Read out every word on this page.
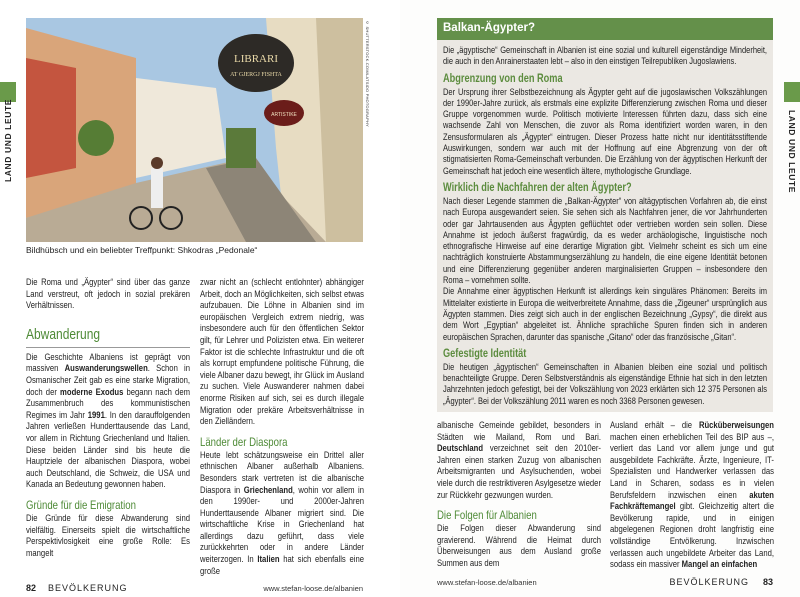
LAND UND LEUTE
LIBRARI
AT GJERGJ FISHTA
ARTISTIKE	© SHUTTERSTOCK.COM/LATSIDO PHOTOGRAPHY
Bildhübsch und ein beliebter Treffpunkt: Shkodras „Pedonale“

Die Roma und „Ägypter“ sind über das ganze Land verstreut, oft jedoch in sozial prekären Verhältnissen.

Abwanderung

Die Geschichte Albaniens ist geprägt von massiven Auswanderungswellen. Schon in Osmanischer Zeit gab es eine starke Migration, doch der moderne Exodus begann nach dem Zusammenbruch des kommunistischen Regimes im Jahr 1991. In den darauffolgenden Jahren verließen Hunderttausende das Land, vor allem in Richtung Griechenland und Italien. Diese beiden Länder sind bis heute die Hauptziele der albanischen Diaspora, wobei auch Deutschland, die Schweiz, die USA und Kanada an Bedeutung gewonnen haben.

Gründe für die Emigration

Die Gründe für diese Abwanderung sind vielfältig. Einerseits spielt die wirtschaftliche Perspektivlosigkeit eine große Rolle: Es mangelt

zwar nicht an (schlecht entlohnter) abhängiger Arbeit, doch an Möglichkeiten, sich selbst etwas aufzubauen. Die Löhne in Albanien sind im europäischen Vergleich extrem niedrig, was insbesondere auch für den öffentlichen Sektor gilt, für Lehrer und Polizisten etwa. Ein weiterer Faktor ist die schlechte Infrastruktur und die oft als korrupt empfundene politische Führung, die viele Albaner dazu bewegt, ihr Glück im Ausland zu suchen. Viele Auswanderer nahmen dabei enorme Risiken auf sich, sei es durch illegale Migration oder prekäre Arbeitsverhältnisse in den Zielländern.

Länder der Diaspora

Heute lebt schätzungsweise ein Drittel aller ethnischen Albaner außerhalb Albaniens. Besonders stark vertreten ist die albanische Diaspora in Griechenland, wohin vor allem in den 1990er- und 2000er-Jahren Hunderttausende Albaner migriert sind. Die wirtschaftliche Krise in Griechenland hat allerdings dazu geführt, dass viele zurückkehrten oder in andere Länder weiterzogen. In Italien hat sich ebenfalls eine große

82 BEVÖLKERUNG	www.stefan-loose.de/albanien
LAND UND LEUTE
Balkan-Ägypter?

Die „ägyptische“ Gemeinschaft in Albanien ist eine sozial und kulturell eigenständige Minderheit, die auch in den Anrainerstaaten lebt – also in den einstigen Teilrepubliken Jugoslawiens.

Abgrenzung von den Roma

Der Ursprung ihrer Selbstbezeichnung als Ägypter geht auf die jugoslawischen Volkszählungen der 1990er-Jahre zurück, als erstmals eine explizite Differenzierung zwischen Roma und dieser Gruppe vorgenommen wurde. Politisch motivierte Interessen führten dazu, dass sich eine wachsende Zahl von Menschen, die zuvor als Roma identifiziert worden waren, in den Zensusformularen als „Ägypter“ eintrugen. Dieser Prozess hatte nicht nur identitätsstiftende Auswirkungen, sondern war auch mit der Hoffnung auf eine Abgrenzung von der oft stigmatisierten Roma-Gemeinschaft verbunden. Die Erzählung von der ägyptischen Herkunft der Gemeinschaft hat jedoch eine wesentlich ältere, mythologische Grundlage.

Wirklich die Nachfahren der alten Ägypter?

Nach dieser Legende stammen die „Balkan-Ägypter“ von altägyptischen Vorfahren ab, die einst nach Europa ausgewandert seien. Sie sehen sich als Nachfahren jener, die vor Jahrhunderten oder gar Jahrtausenden aus Ägypten geflüchtet oder vertrieben worden sein sollen. Diese Annahme ist jedoch äußerst fragwürdig, da es weder archäologische, linguistische noch ethnografische Hinweise auf eine derartige Migration gibt. Vielmehr scheint es sich um eine nachträglich konstruierte Abstammungserzählung zu handeln, die eine eigene Identität betonen und eine Differenzierung gegenüber anderen marginalisierten Gruppen – insbesondere den Roma – vornehmen sollte.

Die Annahme einer ägyptischen Herkunft ist allerdings kein singuläres Phänomen: Bereits im Mittelalter existierte in Europa die weitverbreitete Annahme, dass die „Zigeuner“ ursprünglich aus Ägypten stammen. Dies zeigt sich auch in der englischen Bezeichnung „Gypsy“, die direkt aus dem Wort „Egyptian“ abgeleitet ist. Ähnliche sprachliche Spuren finden sich in anderen europäischen Sprachen, darunter das spanische „Gitano“ oder das französische „Gitan“.

Gefestigte Identität

Die heutigen „ägyptischen“ Gemeinschaften in Albanien bleiben eine sozial und politisch benachteiligte Gruppe. Deren Selbstverständnis als eigenständige Ethnie hat sich in den letzten Jahrzehnten jedoch gefestigt, bei der Volkszählung von 2023 erklärten sich 12 375 Personen als „Ägypter“. Bei der Volkszählung 2011 waren es noch 3368 Personen gewesen.

albanische Gemeinde gebildet, besonders in Städten wie Mailand, Rom und Bari. Deutschland verzeichnet seit den 2010er-Jahren einen starken Zuzug von albanischen Arbeitsmigranten und Asylsuchenden, wobei viele durch die restriktiveren Asylgesetze wieder zur Rückkehr gezwungen wurden.

Die Folgen für Albanien

Die Folgen dieser Abwanderung sind gravierend. Während die Heimat durch Überweisungen aus dem Ausland große Summen aus dem

Ausland erhält – die Rücküberweisungen machen einen erheblichen Teil des BIP aus –, verliert das Land vor allem junge und gut ausgebildete Fachkräfte. Ärzte, Ingenieure, IT-Spezialisten und Handwerker verlassen das Land in Scharen, sodass es in vielen Berufsfeldern inzwischen einen akuten Fachkräftemangel gibt. Gleichzeitig altert die Bevölkerung rapide, und in einigen abgelegenen Regionen droht langfristig eine vollständige Entvölkerung. Inzwischen verlassen auch ungebildete Arbeiter das Land, sodass ein massiver Mangel an einfachen

www.stefan-loose.de/albanien	BEVÖLKERUNG 83
